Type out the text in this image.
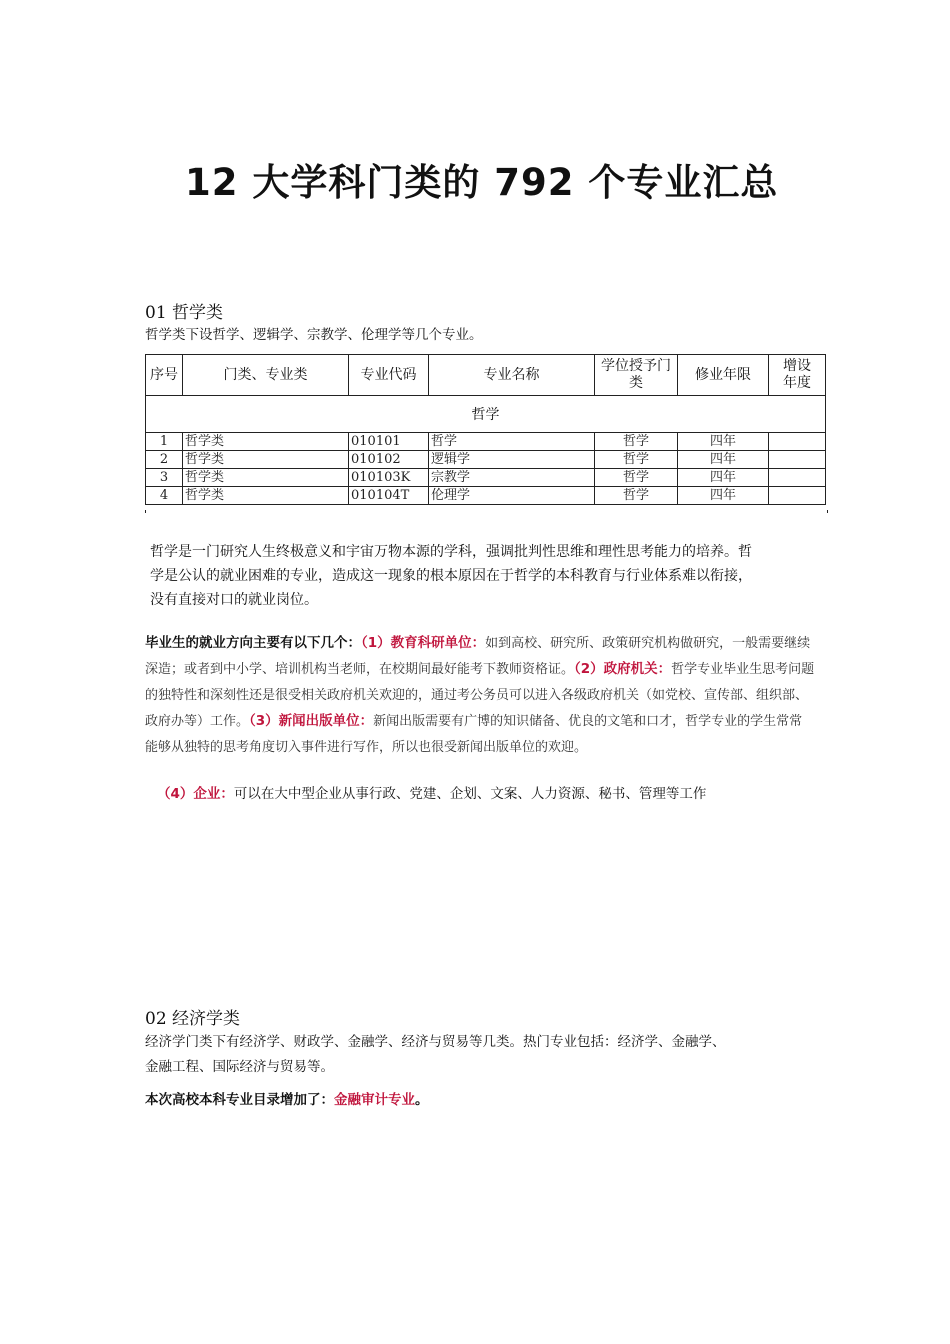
12 大学科门类的 792 个专业汇总
01 哲学类
哲学类下设哲学、逻辑学、宗教学、伦理学等几个专业。
序号	门类、专业类	专业代码	专业名称	学位授予门类	修业年限	增设年度
哲学						
1	哲学类	010101	哲学	哲学	四年	
2	哲学类	010102	逻辑学	哲学	四年	
3	哲学类	010103K	宗教学	哲学	四年	
4	哲学类	010104T	伦理学	哲学	四年	
哲学是一门研究人生终极意义和宇宙万物本源的学科，强调批判性思维和理性思考能力的培养。哲
学是公认的就业困难的专业，造成这一现象的根本原因在于哲学的本科教育与行业体系难以衔接，
没有直接对口的就业岗位。
毕业生的就业方向主要有以下几个：（1）教育科研单位：如到高校、研究所、政策研究机构做研究，一般需要继续深造；或者到中小学、培训机构当老师，在校期间最好能考下教师资格证。（2）政府机关：哲学专业毕业生思考问题的独特性和深刻性还是很受相关政府机关欢迎的，通过考公务员可以进入各级政府机关（如党校、宣传部、组织部、政府办等）工作。（3）新闻出版单位：新闻出版需要有广博的知识储备、优良的文笔和口才，哲学专业的学生常常能够从独特的思考角度切入事件进行写作，所以也很受新闻出版单位的欢迎。
（4）企业：可以在大中型企业从事行政、党建、企划、文案、人力资源、秘书、管理等工作
02 经济学类
经济学门类下有经济学、财政学、金融学、经济与贸易等几类。热门专业包括：经济学、金融学、
金融工程、国际经济与贸易等。
本次高校本科专业目录增加了：金融审计专业。
